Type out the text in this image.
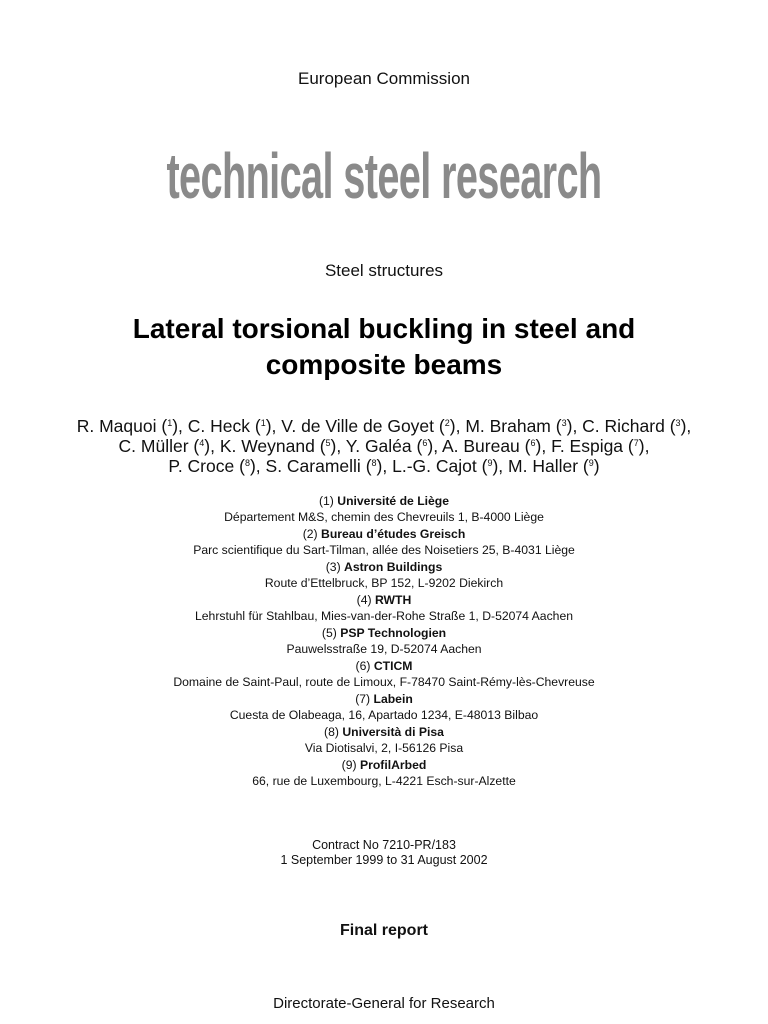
European Commission
technical steel research
Steel structures
Lateral torsional buckling in steel and
composite beams
R. Maquoi ($^1$), C. Heck ($^1$), V. de Ville de Goyet ($^2$), M. Braham ($^3$), C. Richard ($^3$),
C. Müller ($^4$), K. Weynand ($^5$), Y. Galéa ($^6$), A. Bureau ($^6$), F. Espiga ($^7$),
P. Croce ($^8$), S. Caramelli ($^8$), L.-G. Cajot ($^9$), M. Haller ($^9$)
(1) Université de Liège
Département M&S, chemin des Chevreuils 1, B-4000 Liège
(2) Bureau d’études Greisch
Parc scientifique du Sart-Tilman, allée des Noisetiers 25, B-4031 Liège
(3) Astron Buildings
Route d’Ettelbruck, BP 152, L-9202 Diekirch
(4) RWTH
Lehrstuhl für Stahlbau, Mies-van-der-Rohe Straße 1, D-52074 Aachen
(5) PSP Technologien
Pauwelsstraße 19, D-52074 Aachen
(6) CTICM
Domaine de Saint-Paul, route de Limoux, F-78470 Saint-Rémy-lès-Chevreuse
(7) Labein
Cuesta de Olabeaga, 16, Apartado 1234, E-48013 Bilbao
(8) Università di Pisa
Via Diotisalvi, 2, I-56126 Pisa
(9) ProfilArbed
66, rue de Luxembourg, L-4221 Esch-sur-Alzette
Contract No 7210-PR/183
1 September 1999 to 31 August 2002
Final report
Directorate-General for Research
